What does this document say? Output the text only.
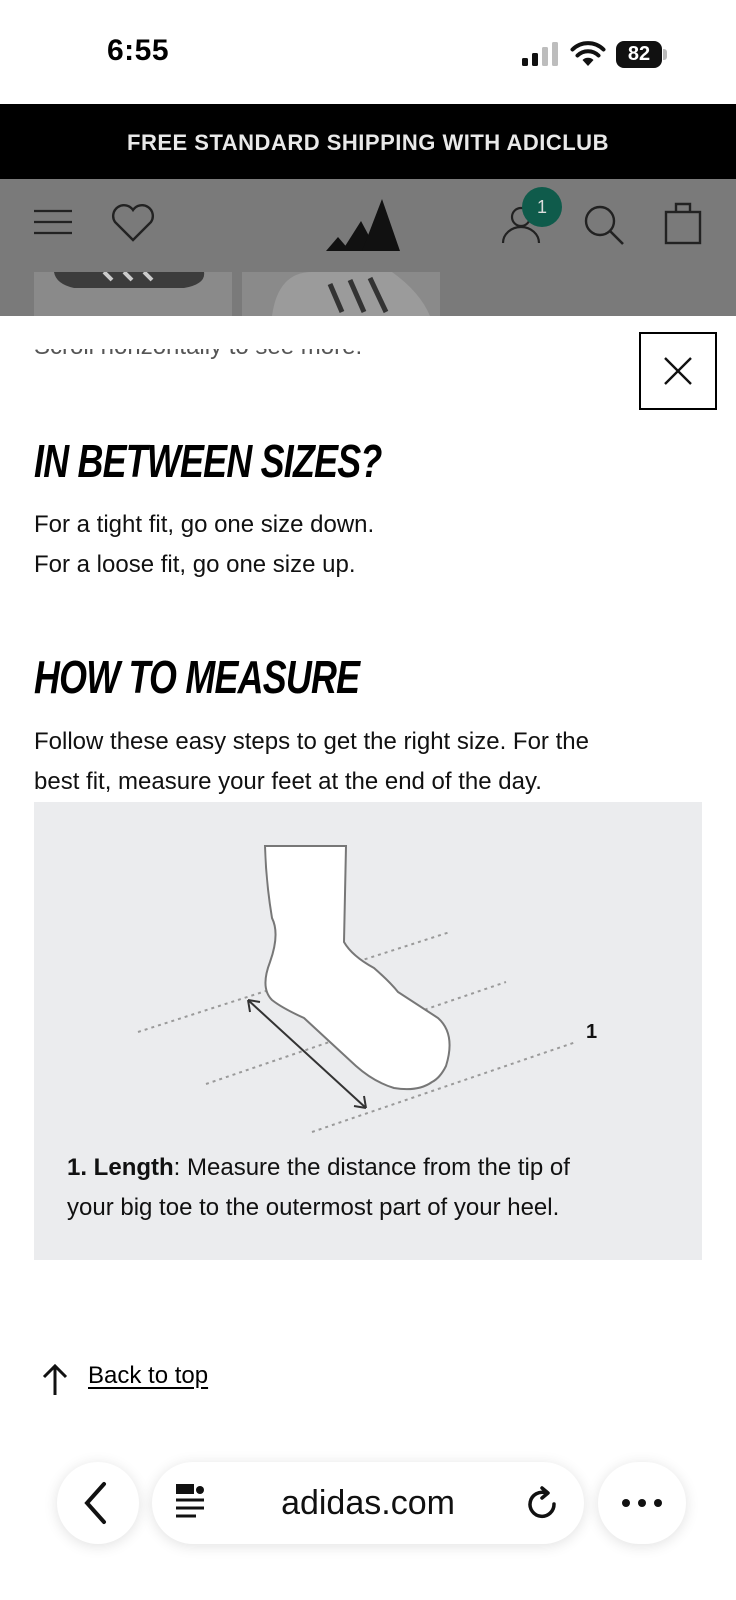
6:55	82
FREE STANDARD SHIPPING WITH ADICLUB
1
IN BETWEEN SIZES?
For a tight fit, go one size down.
For a loose fit, go one size up.
HOW TO MEASURE
Follow these easy steps to get the right size. For the
best fit, measure your feet at the end of the day.
1
1. Length: Measure the distance from the tip of
your big toe to the outermost part of your heel.
Back to top
adidas.com
